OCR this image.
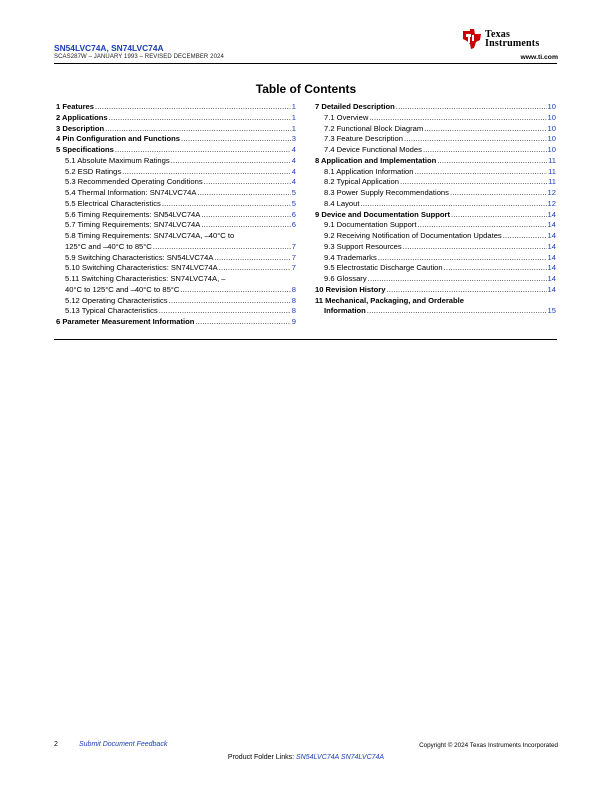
SN54LVC74A, SN74LVC74A
SCAS287W – JANUARY 1993 – REVISED DECEMBER 2024
Texas
Instruments
www.ti.com
Table of Contents
1 Features .....	1
2 Applications .....	1
3 Description .....	1
4 Pin Configuration and Functions .....	3
5 Specifications .....	4
5.1 Absolute Maximum Ratings .....	4
5.2 ESD Ratings .....	4
5.3 Recommended Operating Conditions .....	4
5.4 Thermal Information: SN74LVC74A .....	5
5.5 Electrical Characteristics .....	5
5.6 Timing Requirements: SN54LVC74A .....	6
5.7 Timing Requirements: SN74LVC74A .....	6
5.8 Timing Requirements: SN74LVC74A, –40°C to
125°C and –40°C to 85°C .....	7
5.9 Switching Characteristics: SN54LVC74A .....	7
5.10 Switching Characteristics: SN74LVC74A .....	7
5.11 Switching Characteristics: SN74LVC74A, –
40°C to 125°C and –40°C to 85°C .....	8
5.12 Operating Characteristics .....	8
5.13 Typical Characteristics .....	8
6 Parameter Measurement Information .....	9
7 Detailed Description .....	10
7.1 Overview .....	10
7.2 Functional Block Diagram .....	10
7.3 Feature Description .....	10
7.4 Device Functional Modes .....	10
8 Application and Implementation .....	11
8.1 Application Information .....	11
8.2 Typical Application .....	11
8.3 Power Supply Recommendations .....	12
8.4 Layout .....	12
9 Device and Documentation Support .....	14
9.1 Documentation Support .....	14
9.2 Receiving Notification of Documentation Updates .....	14
9.3 Support Resources .....	14
9.4 Trademarks .....	14
9.5 Electrostatic Discharge Caution .....	14
9.6 Glossary .....	14
10 Revision History .....	14
11 Mechanical, Packaging, and Orderable
Information .....	15
2	Submit Document Feedback	Copyright © 2024 Texas Instruments Incorporated
Product Folder Links: SN54LVC74A SN74LVC74A
